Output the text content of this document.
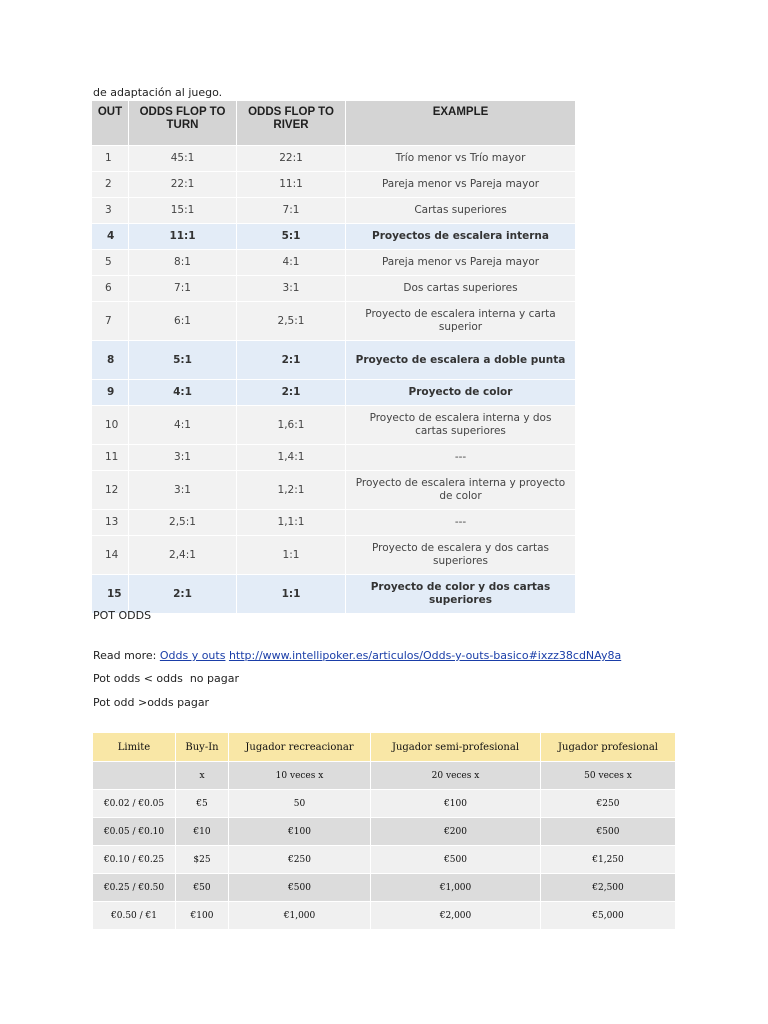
de adaptación al juego.

OUT	ODDS FLOP TO TURN	ODDS FLOP TO RIVER	EXAMPLE
1	45:1	22:1	Trío menor vs Trío mayor
2	22:1	11:1	Pareja menor vs Pareja mayor
3	15:1	7:1	Cartas superiores
4	11:1	5:1	Proyectos de escalera interna
5	8:1	4:1	Pareja menor vs Pareja mayor
6	7:1	3:1	Dos cartas superiores
7	6:1	2,5:1	Proyecto de escalera interna y carta superior
8	5:1	2:1	Proyecto de escalera a doble punta
9	4:1	2:1	Proyecto de color
10	4:1	1,6:1	Proyecto de escalera interna y dos cartas superiores
11	3:1	1,4:1	---
12	3:1	1,2:1	Proyecto de escalera interna y proyecto de color
13	2,5:1	1,1:1	---
14	2,4:1	1:1	Proyecto de escalera y dos cartas superiores
15	2:1	1:1	Proyecto de color y dos cartas superiores

POT ODDS

Read more: Odds y outs http://www.intellipoker.es/articulos/Odds-y-outs-basico#ixzz38cdNAy8a

Pot odds < odds  no pagar

Pot odd >odds pagar

Limite	Buy-In	Jugador recreacionar	Jugador semi-profesional	Jugador profesional
	x	10 veces x	20 veces x	50 veces x
€0.02 / €0.05	€5	50	€100	€250
€0.05 / €0.10	€10	€100	€200	€500
€0.10 / €0.25	$25	€250	€500	€1,250
€0.25 / €0.50	€50	€500	€1,000	€2,500
€0.50 / €1	€100	€1,000	€2,000	€5,000
